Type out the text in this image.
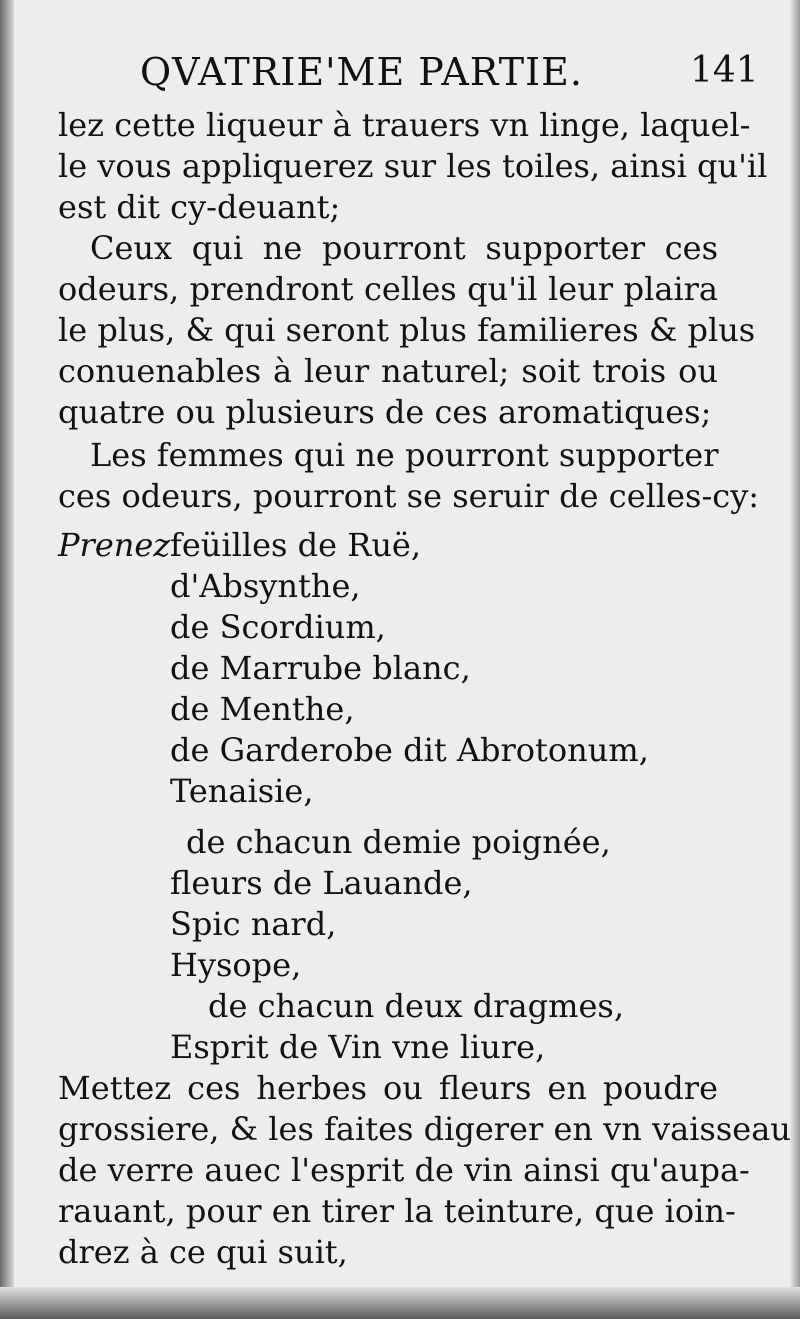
QVATRIE'ME PARTIE.	141
lez cette liqueur à trauers vn linge, laquel-
le vous appliquerez sur les toiles, ainsi qu'il
est dit cy-deuant;
Ceux qui ne pourront supporter ces
odeurs, prendront celles qu'il leur plaira
le plus, & qui seront plus familieres & plus
conuenables à leur naturel; soit trois ou
quatre ou plusieurs de ces aromatiques;
Les femmes qui ne pourront supporter
ces odeurs, pourront se seruir de celles-cy:
Prenez feüilles de Ruë,
d'Absynthe,
de Scordium,
de Marrube blanc,
de Menthe,
de Garderobe dit Abrotonum,
Tenaisie,
de chacun demie poignée,
fleurs de Lauande,
Spic nard,
Hysope,
de chacun deux dragmes,
Esprit de Vin vne liure,
Mettez ces herbes ou fleurs en poudre
grossiere, & les faites digerer en vn vaisseau
de verre auec l'esprit de vin ainsi qu'aupa-
rauant, pour en tirer la teinture, que ioin-
drez à ce qui suit,
